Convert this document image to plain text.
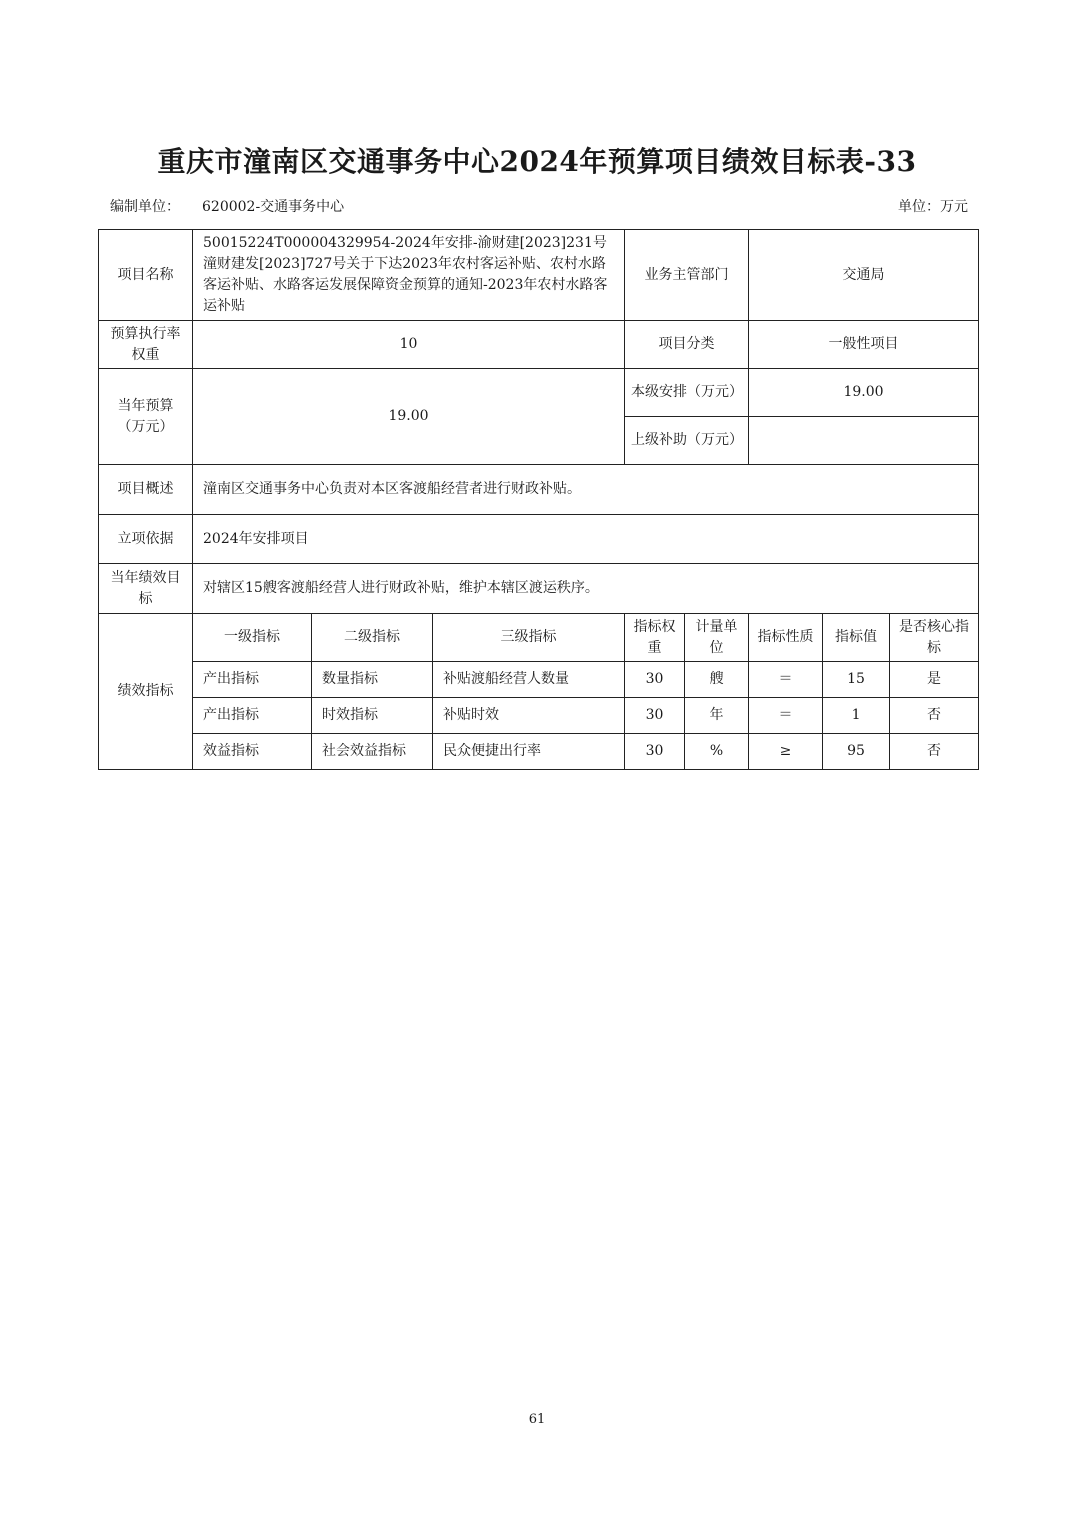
重庆市潼南区交通事务中心2024年预算项目绩效目标表-33
编制单位： 620002-交通事务中心	单位：万元
项目名称	50015224T000004329954-2024年安排-渝财建[2023]231号潼财建发[2023]727号关于下达2023年农村客运补贴、农村水路客运补贴、水路客运发展保障资金预算的通知-2023年农村水路客运补贴			业务主管部门		交通局		
预算执行率权重	10			项目分类		一般性项目		
当年预算（万元）	19.00			本级安排（万元）		19.00		
				上级补助（万元）				
项目概述	潼南区交通事务中心负责对本区客渡船经营者进行财政补贴。							
立项依据	2024年安排项目							
当年绩效目标	对辖区15艘客渡船经营人进行财政补贴，维护本辖区渡运秩序。							
绩效指标	一级指标	二级指标	三级指标	指标权重	计量单位	指标性质	指标值	是否核心指标
	产出指标	数量指标	补贴渡船经营人数量	30	艘	＝	15	是
	产出指标	时效指标	补贴时效	30	年	＝	1	否
	效益指标	社会效益指标	民众便捷出行率	30	%	≥	95	否
61
